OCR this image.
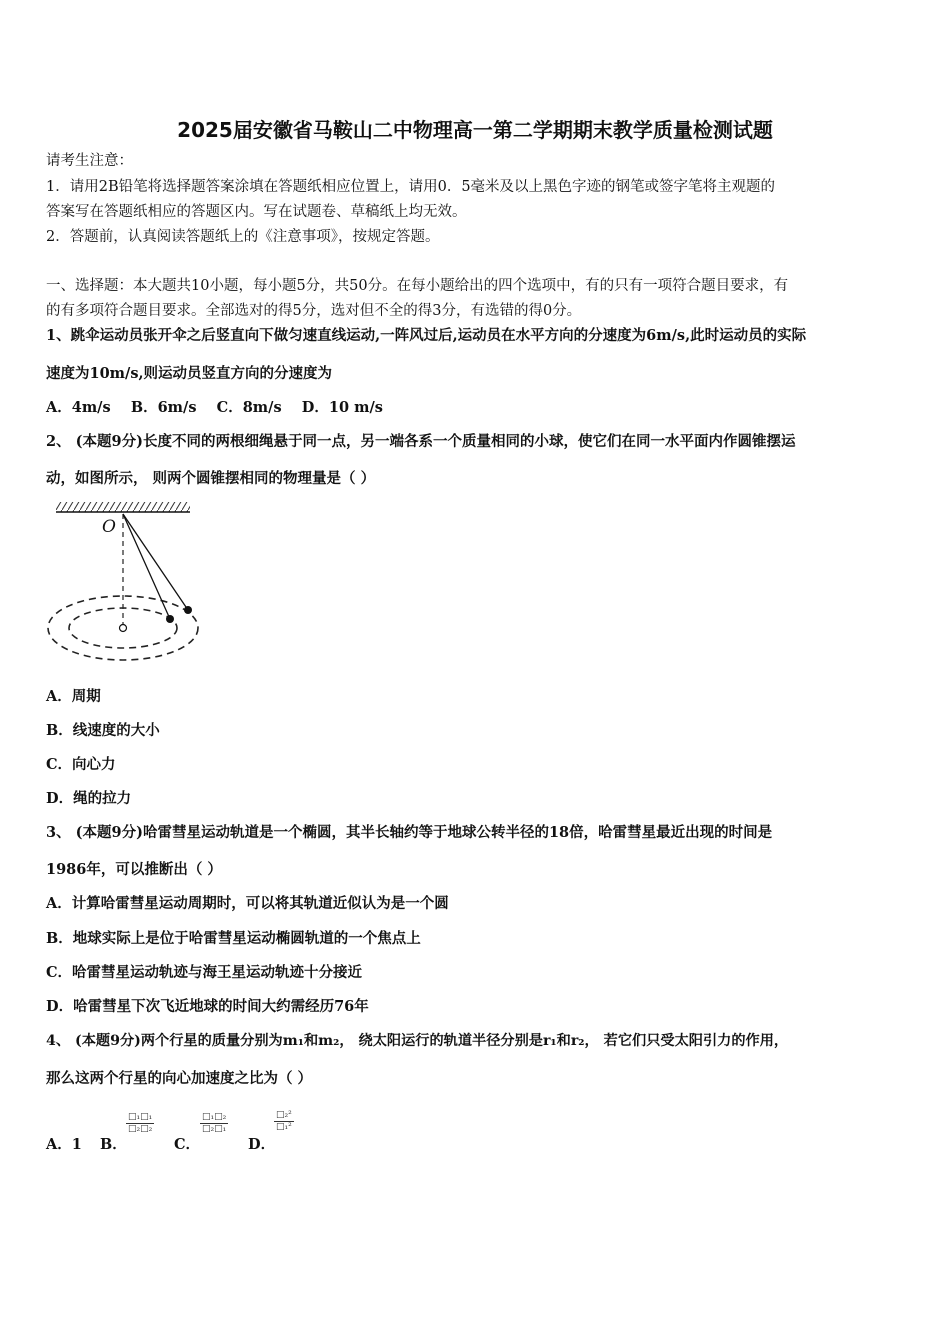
2025届安徽省马鞍山二中物理高一第二学期期末教学质量检测试题
请考生注意：
1．请用2B铅笔将选择题答案涂填在答题纸相应位置上，请用0．5毫米及以上黑色字迹的钢笔或签字笔将主观题的
答案写在答题纸相应的答题区内。写在试题卷、草稿纸上均无效。
2．答题前，认真阅读答题纸上的《注意事项》，按规定答题。
一、选择题：本大题共10小题，每小题5分，共50分。在每小题给出的四个选项中，有的只有一项符合题目要求，有
的有多项符合题目要求。全部选对的得5分，选对但不全的得3分，有选错的得0分。
1、跳伞运动员张开伞之后竖直向下做匀速直线运动,一阵风过后,运动员在水平方向的分速度为6m/s,此时运动员的实际
速度为10m/s,则运动员竖直方向的分速度为
A．4m/s    B．6m/s    C．8m/s    D．10 m/s
2、 (本题9分)长度不同的两根细绳悬于同一点，另一端各系一个质量相同的小球，使它们在同一水平面内作圆锥摆运
动，如图所示， 则两个圆锥摆相同的物理量是（ ）
O
A．周期
B．线速度的大小
C．向心力
D．绳的拉力
3、 (本题9分)哈雷彗星运动轨道是一个椭圆，其半长轴约等于地球公转半径的18倍，哈雷彗星最近出现的时间是
1986年，可以推断出（ ）
A．计算哈雷彗星运动周期时，可以将其轨道近似认为是一个圆
B．地球实际上是位于哈雷彗星运动椭圆轨道的一个焦点上
C．哈雷彗星运动轨迹与海王星运动轨迹十分接近
D．哈雷彗星下次飞近地球的时间大约需经历76年
4、 (本题9分)两个行星的质量分别为m₁和m₂， 绕太阳运行的轨道半径分别是r₁和r₂， 若它们只受太阳引力的作用，
那么这两个行星的向心加速度之比为（ ）
A．1 B．
□₁□₁
□₂□₂
C．
□₁□₂
□₂□₁
D．
□₂²
□₁²
